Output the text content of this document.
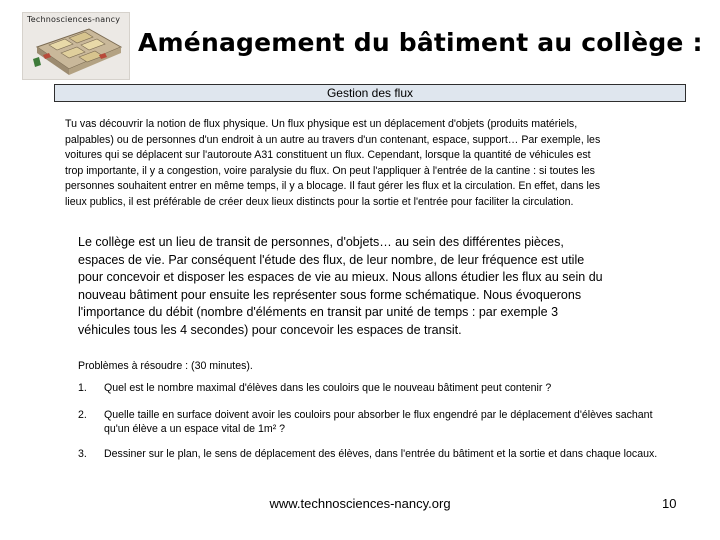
Technosciences-nancy
Aménagement du bâtiment au collège :
Gestion des flux

Tu vas découvrir la notion de flux physique. Un flux physique est un déplacement d'objets (produits matériels, palpables) ou de personnes d'un endroit à un autre au travers d'un contenant, espace, support… Par exemple, les voitures qui se déplacent sur l'autoroute A31 constituent un flux. Cependant, lorsque la quantité de véhicules est trop importante, il y a congestion, voire paralysie du flux. On peut l'appliquer à l'entrée de la cantine : si toutes les personnes souhaitent entrer en même temps, il y a blocage. Il faut gérer les flux et la circulation. En effet, dans les lieux publics, il est préférable de créer deux lieux distincts pour la sortie et l'entrée pour faciliter la circulation.

Le collège est un lieu de transit de personnes, d'objets… au sein des différentes pièces, espaces de vie. Par conséquent l'étude des flux, de leur nombre, de leur fréquence est utile pour concevoir et disposer les espaces de vie au mieux. Nous allons étudier les flux au sein du nouveau bâtiment pour ensuite les représenter sous forme schématique. Nous évoquerons l'importance du débit (nombre d'éléments en transit par unité de temps : par exemple 3 véhicules tous les 4 secondes) pour concevoir les espaces de transit.

Problèmes à résoudre : (30 minutes).

1.	Quel est le nombre maximal d'élèves dans les couloirs que le nouveau bâtiment peut contenir ?
2.	Quelle taille en surface doivent avoir les couloirs pour absorber le flux engendré par le déplacement d'élèves sachant qu'un élève a un espace vital de 1m² ?
3.	Dessiner sur le plan, le sens de déplacement des élèves, dans l'entrée du bâtiment et la sortie et dans chaque locaux.
www.technosciences-nancy.org	10
